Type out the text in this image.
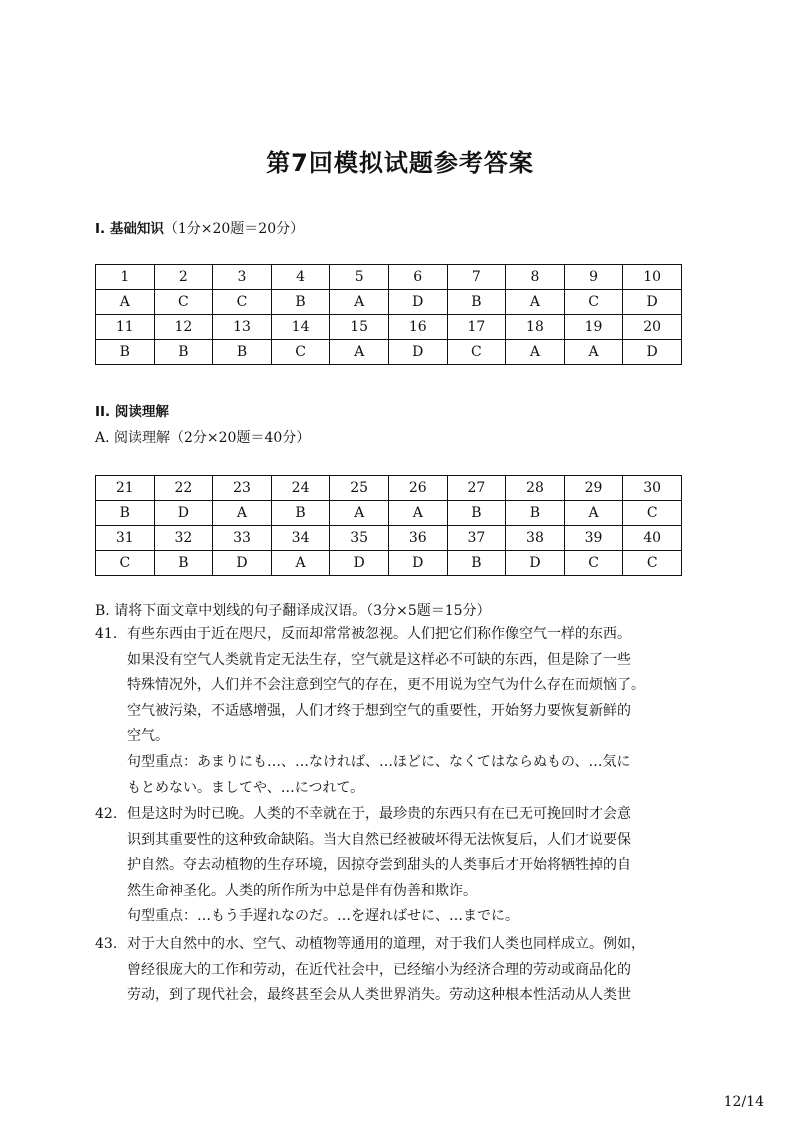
第7回模拟试题参考答案
I. 基础知识（1分×20题＝20分）
1	2	3	4	5	6	7	8	9	10
A	C	C	B	A	D	B	A	C	D
11	12	13	14	15	16	17	18	19	20
B	B	B	C	A	D	C	A	A	D
II. 阅读理解
A. 阅读理解（2分×20题＝40分）
21	22	23	24	25	26	27	28	29	30
B	D	A	B	A	A	B	B	A	C
31	32	33	34	35	36	37	38	39	40
C	B	D	A	D	D	B	D	C	C
B. 请将下面文章中划线的句子翻译成汉语。（3分×5题＝15分）
41. 有些东西由于近在咫尺，反而却常常被忽视。人们把它们称作像空气一样的东西。

如果没有空气人类就肯定无法生存，空气就是这样必不可缺的东西，但是除了一些

特殊情况外，人们并不会注意到空气的存在，更不用说为空气为什么存在而烦恼了。

空气被污染，不适感增强，人们才终于想到空气的重要性，开始努力要恢复新鲜的

空气。

句型重点：あまりにも…、…なければ、…ほどに、なくてはならぬもの、…気に

もとめない。ましてや、…につれて。

42. 但是这时为时已晚。人类的不幸就在于，最珍贵的东西只有在已无可挽回时才会意

识到其重要性的这种致命缺陷。当大自然已经被破坏得无法恢复后，人们才说要保

护自然。夺去动植物的生存环境，因掠夺尝到甜头的人类事后才开始将牺牲掉的自

然生命神圣化。人类的所作所为中总是伴有伪善和欺诈。

句型重点：…もう手遅れなのだ。…を遅ればせに、…までに。

43. 对于大自然中的水、空气、动植物等通用的道理，对于我们人类也同样成立。例如，

曾经很庞大的工作和劳动，在近代社会中，已经缩小为经济合理的劳动或商品化的

劳动，到了现代社会，最终甚至会从人类世界消失。劳动这种根本性活动从人类世

12/14
